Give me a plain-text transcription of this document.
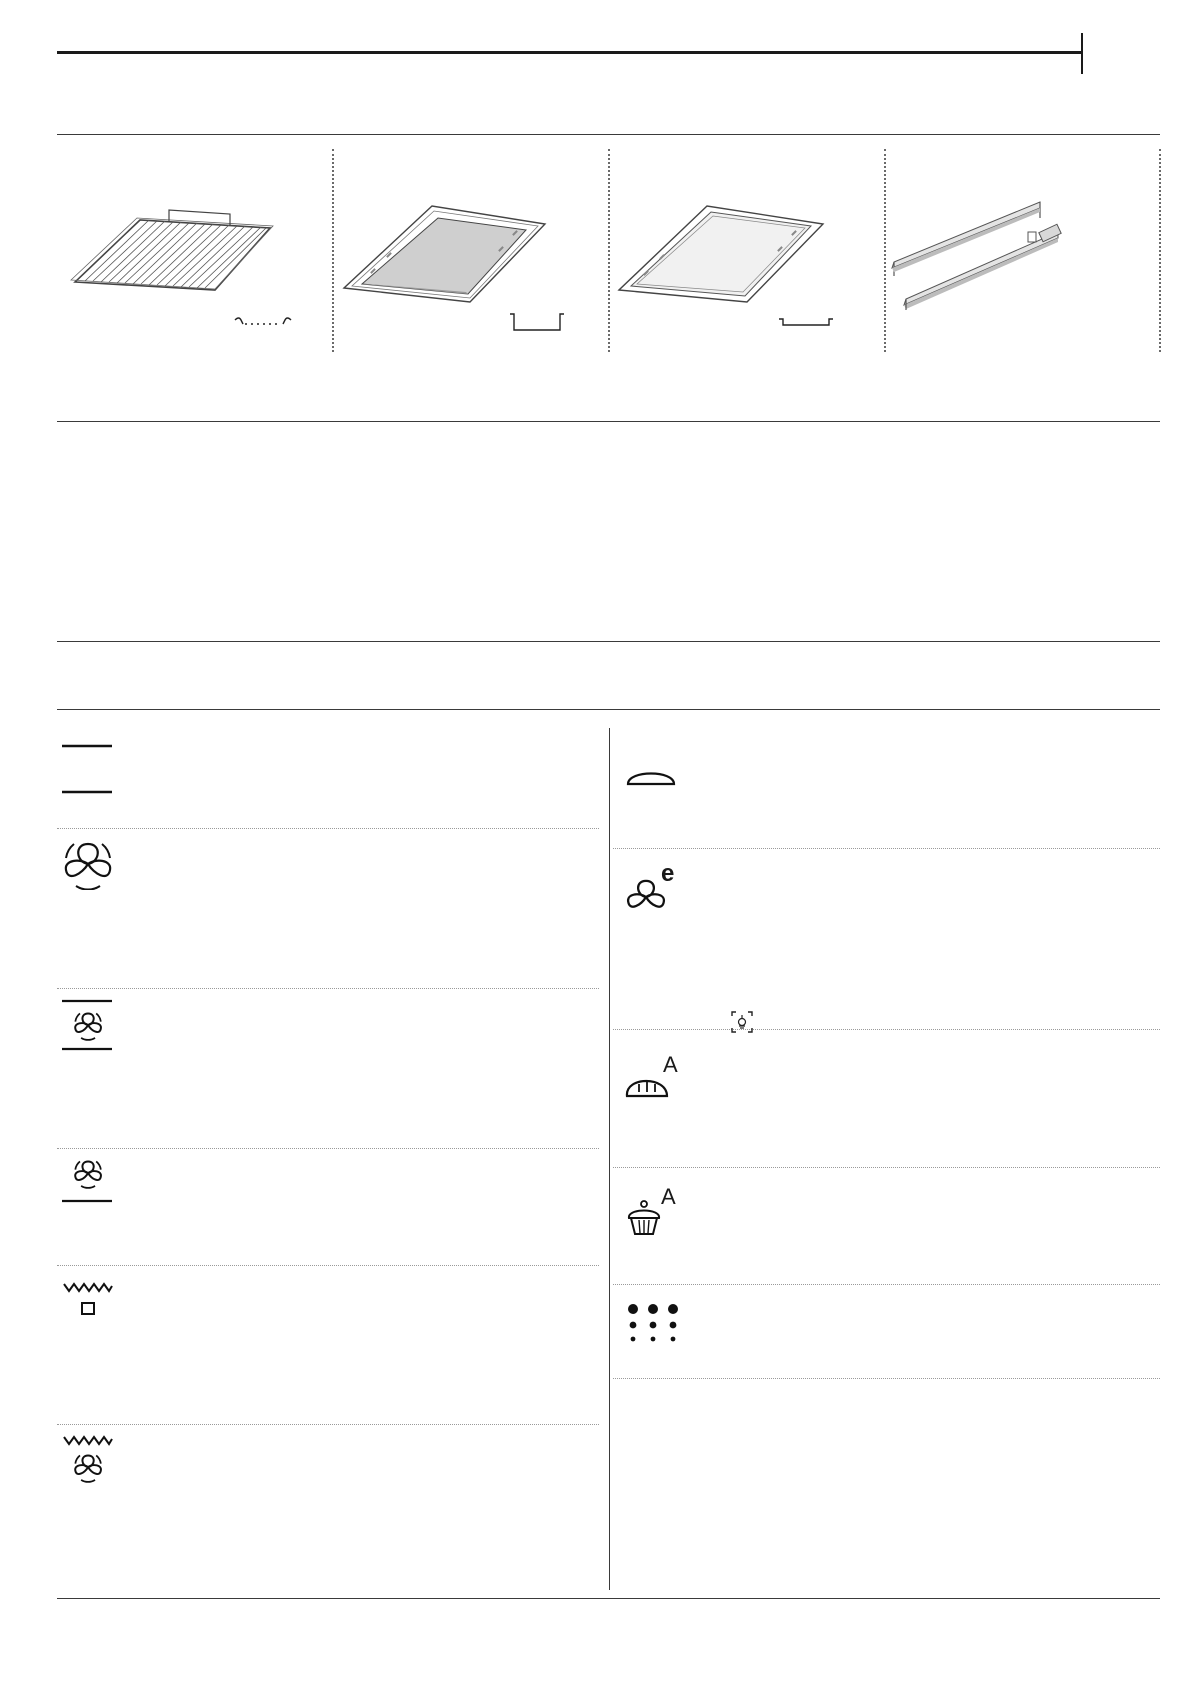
e
A
A
